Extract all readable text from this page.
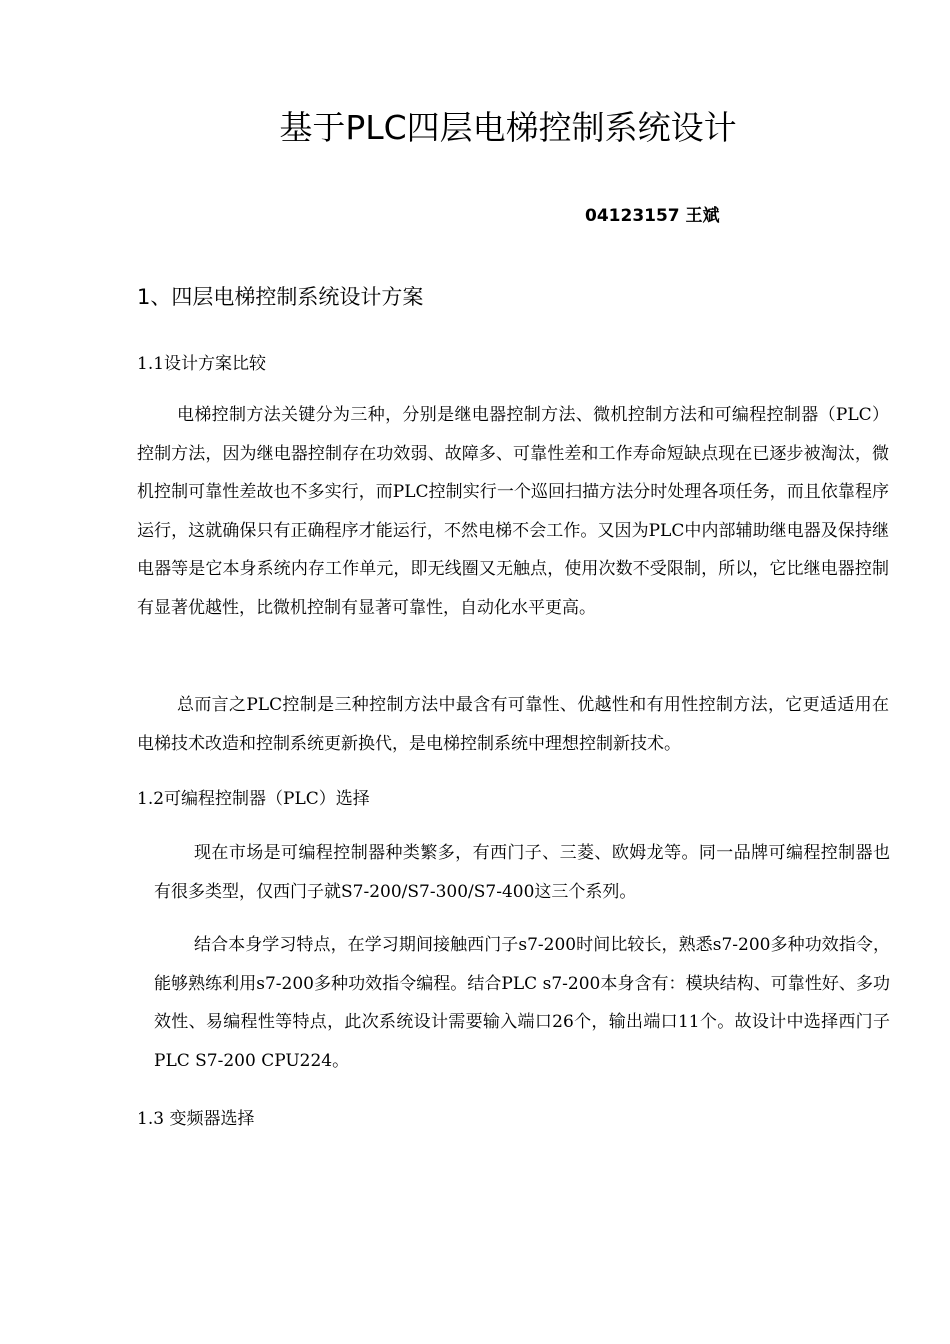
基于PLC四层电梯控制系统设计

04123157 王斌

1、四层电梯控制系统设计方案
1.1设计方案比较

电梯控制方法关键分为三种，分别是继电器控制方法、微机控制方法和可编程控制器（PLC）控制方法，因为继电器控制存在功效弱、故障多、可靠性差和工作寿命短缺点现在已逐步被淘汰，微机控制可靠性差故也不多实行，而PLC控制实行一个巡回扫描方法分时处理各项任务，而且依靠程序运行，这就确保只有正确程序才能运行，不然电梯不会工作。又因为PLC中内部辅助继电器及保持继电器等是它本身系统内存工作单元，即无线圈又无触点，使用次数不受限制，所以，它比继电器控制有显著优越性，比微机控制有显著可靠性，自动化水平更高。

总而言之PLC控制是三种控制方法中最含有可靠性、优越性和有用性控制方法，它更适适用在电梯技术改造和控制系统更新换代，是电梯控制系统中理想控制新技术。

1.2可编程控制器（PLC）选择

现在市场是可编程控制器种类繁多，有西门子、三菱、欧姆龙等。同一品牌可编程控制器也有很多类型，仅西门子就S7-200/S7-300/S7-400这三个系列。

结合本身学习特点，在学习期间接触西门子s7-200时间比较长，熟悉s7-200多种功效指令，能够熟练利用s7-200多种功效指令编程。结合PLC s7-200本身含有：模块结构、可靠性好、多功效性、易编程性等特点，此次系统设计需要输入端口26个，输出端口11个。故设计中选择西门子PLC S7-200 CPU224。

1.3 变频器选择
